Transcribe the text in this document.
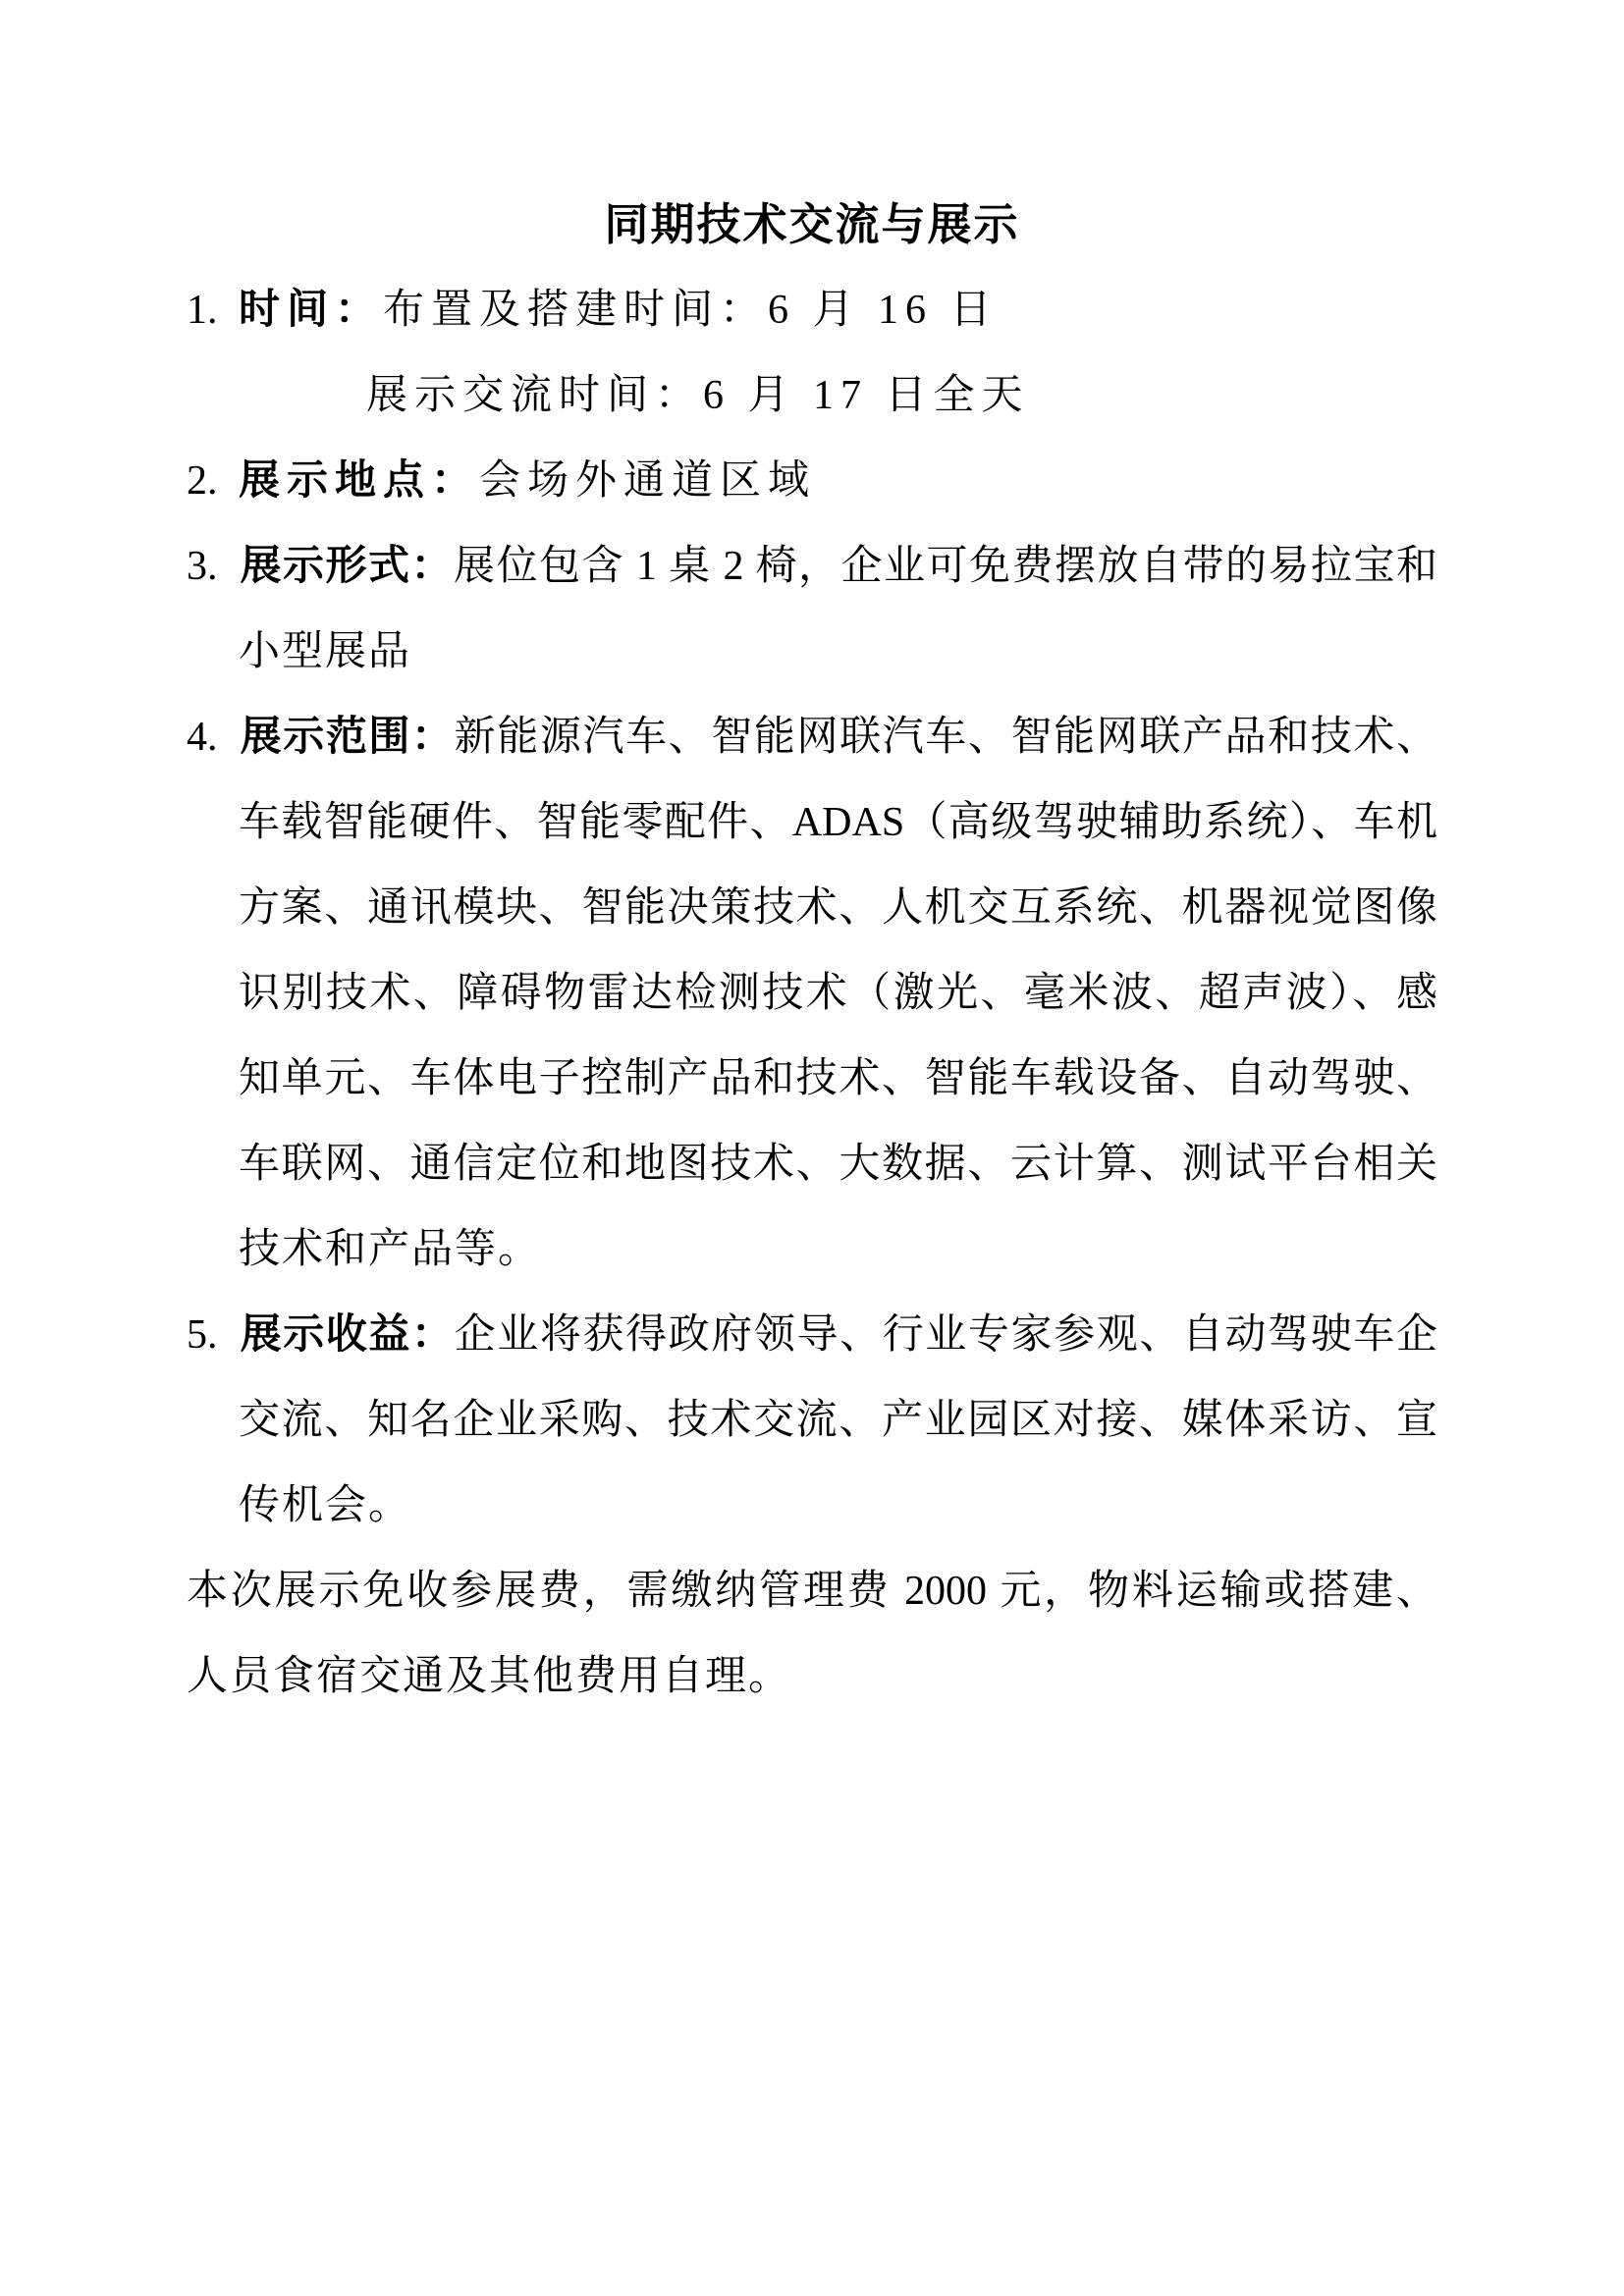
同期技术交流与展示
1. 时间：布置及搭建时间：6 月 16 日
展示交流时间：6 月 17 日全天
2. 展示地点：会场外通道区域
3. 展示形式：展位包含 1 桌 2 椅，企业可免费摆放自带的易拉宝和
小型展品
4. 展示范围：新能源汽车、智能网联汽车、智能网联产品和技术、
车载智能硬件、智能零配件、ADAS（高级驾驶辅助系统）、车机
方案、通讯模块、智能决策技术、人机交互系统、机器视觉图像
识别技术、障碍物雷达检测技术（激光、毫米波、超声波）、感
知单元、车体电子控制产品和技术、智能车载设备、自动驾驶、
车联网、通信定位和地图技术、大数据、云计算、测试平台相关
技术和产品等。
5. 展示收益：企业将获得政府领导、行业专家参观、自动驾驶车企
交流、知名企业采购、技术交流、产业园区对接、媒体采访、宣
传机会。
本次展示免收参展费，需缴纳管理费 2000 元，物料运输或搭建、
人员食宿交通及其他费用自理。
